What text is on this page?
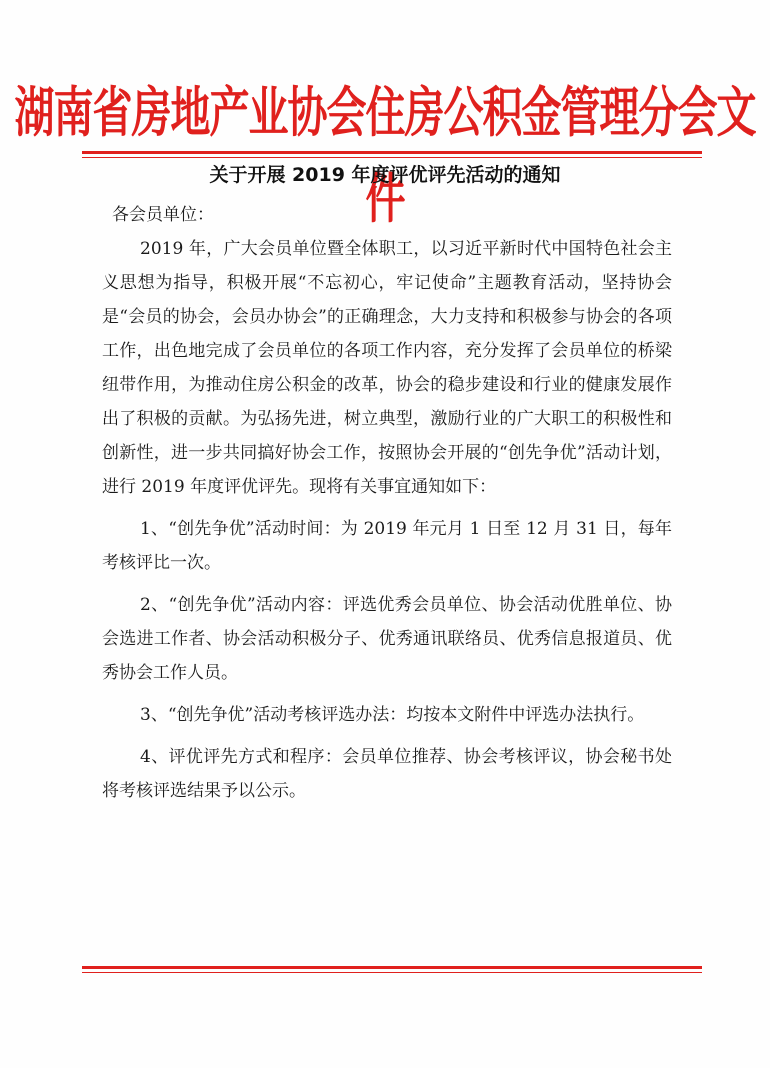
湖南省房地产业协会住房公积金管理分会文件
关于开展 2019 年度评优评先活动的通知

各会员单位：

2019 年，广大会员单位暨全体职工，以习近平新时代中国特色社会主义思想为指导，积极开展“不忘初心，牢记使命”主题教育活动，坚持协会是“会员的协会，会员办协会”的正确理念，大力支持和积极参与协会的各项工作，出色地完成了会员单位的各项工作内容，充分发挥了会员单位的桥梁纽带作用，为推动住房公积金的改革，协会的稳步建设和行业的健康发展作出了积极的贡献。为弘扬先进，树立典型，激励行业的广大职工的积极性和创新性，进一步共同搞好协会工作，按照协会开展的“创先争优”活动计划，进行 2019 年度评优评先。现将有关事宜通知如下：

1、“创先争优”活动时间：为 2019 年元月 1 日至 12 月 31 日，每年考核评比一次。

2、“创先争优”活动内容：评选优秀会员单位、协会活动优胜单位、协会选进工作者、协会活动积极分子、优秀通讯联络员、优秀信息报道员、优秀协会工作人员。

3、“创先争优”活动考核评选办法：均按本文附件中评选办法执行。

4、评优评先方式和程序：会员单位推荐、协会考核评议，协会秘书处将考核评选结果予以公示。
